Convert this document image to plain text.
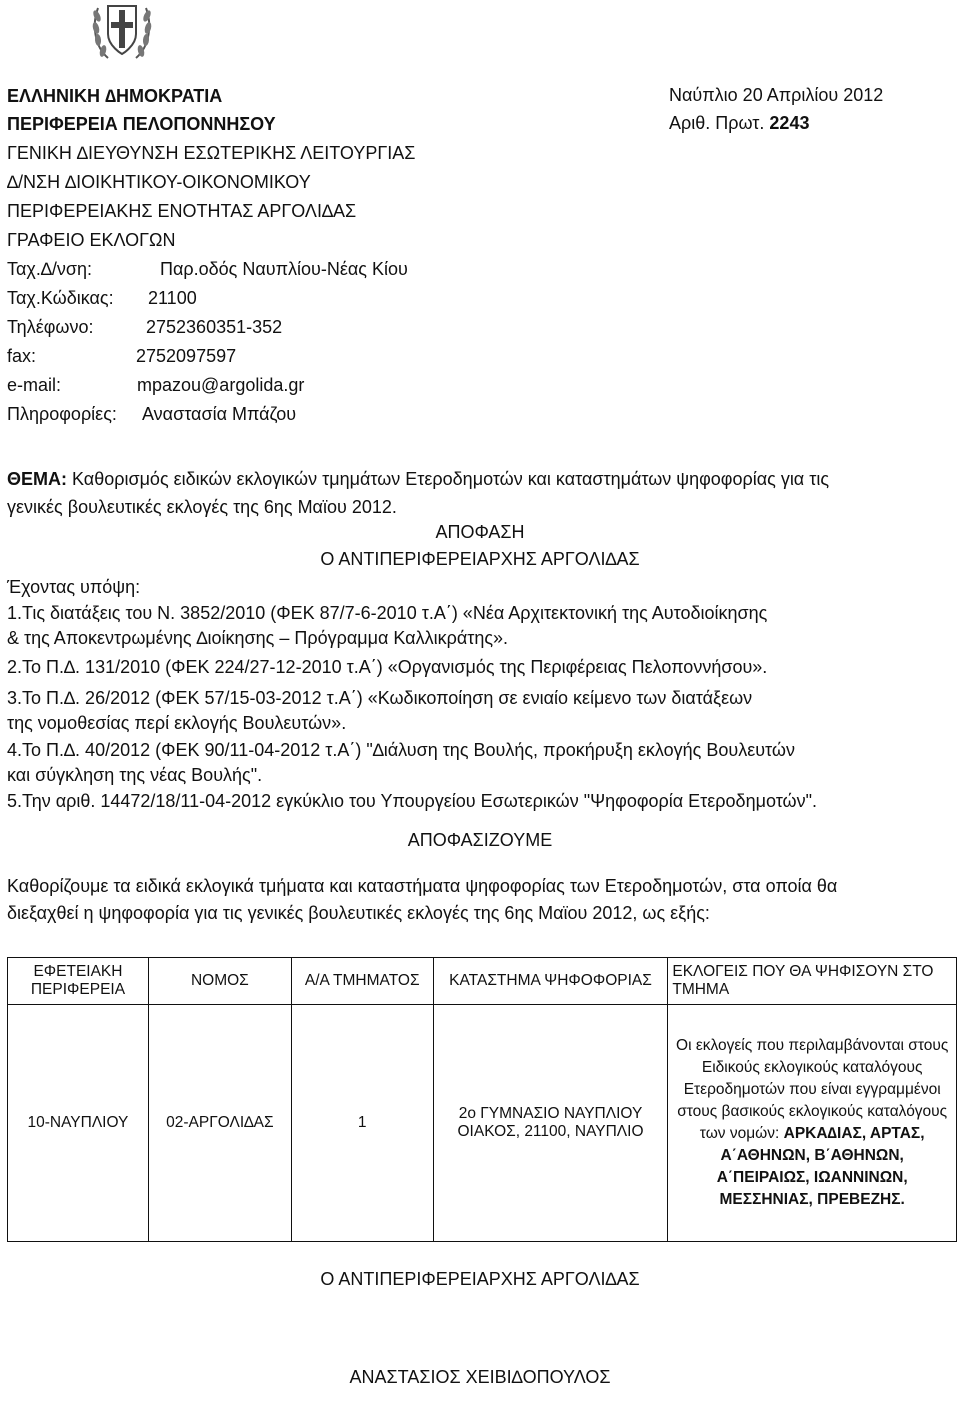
ΕΛΛΗΝΙΚΗ ∆ΗΜΟΚΡΑΤΙΑ
ΠΕΡΙΦΕΡΕΙΑ ΠΕΛΟΠΟΝΝΗΣΟΥ
ΓΕΝΙΚΗ ∆ΙΕΥΘΥΝΣΗ ΕΣΩΤΕΡΙΚΗΣ ΛΕΙΤΟΥΡΓΙΑΣ
∆/ΝΣΗ ∆ΙΟΙΚΗΤΙΚΟΥ-ΟΙΚΟΝΟΜΙΚΟΥ
ΠΕΡΙΦΕΡΕΙΑΚΗΣ ΕΝΟΤΗΤΑΣ ΑΡΓΟΛΙ∆ΑΣ
ΓΡΑΦΕΙΟ ΕΚΛΟΓΩΝ
Ταχ.∆/νση:	Παρ.οδός Ναυπλίου-Νέας Κίου
Ταχ.Κώδικας: 21100
Τηλέφωνο:	2752360351-352
fax:	2752097597
e-mail:	mpazou@argolida.gr
Πληροφορίες: Αναστασία Μπάζου
Ναύπλιο 20 Απριλίου 2012
Αριθ. Πρωτ. 2243
ΘΕΜΑ: Καθορισμός ειδικών εκλογικών τμημάτων Ετεροδημοτών και καταστημάτων ψηφοφορίας για τις
γενικές βουλευτικές εκλογές της 6ης Μαϊου 2012.
ΑΠΟΦΑΣΗ
Ο ΑΝΤΙΠΕΡΙΦΕΡΕΙΑΡΧΗΣ ΑΡΓΟΛΙ∆ΑΣ
Έχοντας υπόψη:
1.Τις διατάξεις του Ν. 3852/2010 (ΦΕΚ 87/7-6-2010 τ.Α΄) «Νέα Αρχιτεκτονική της Αυτοδιοίκησης
& της Αποκεντρωμένης ∆ιοίκησης – Πρόγραμμα Καλλικράτης».
2.Το Π.∆. 131/2010 (ΦΕΚ 224/27-12-2010 τ.Α΄) «Οργανισμός της Περιφέρειας Πελοποννήσου».
3.Το Π.∆. 26/2012 (ΦΕΚ 57/15-03-2012 τ.Α΄) «Κωδικοποίηση σε ενιαίο κείμενο των διατάξεων
της νομοθεσίας περί εκλογής Βουλευτών».
4.Το Π.∆. 40/2012 (ΦΕΚ 90/11-04-2012 τ.Α΄) "∆ιάλυση της Βουλής, προκήρυξη εκλογής Βουλευτών
και σύγκληση της νέας Βουλής".
5.Την αριθ. 14472/18/11-04-2012 εγκύκλιο του Υπουργείου Εσωτερικών "Ψηφοφορία Ετεροδημοτών".
ΑΠΟΦΑΣΙΖΟΥΜΕ
Καθορίζουμε τα ειδικά εκλογικά τμήματα και καταστήματα ψηφοφορίας των Ετεροδημοτών, στα οποία θα
διεξαχθεί η ψηφοφορία για τις γενικές βουλευτικές εκλογές της 6ης Μαϊου 2012, ως εξής:
ΕΦΕΤΕΙΑΚΗ ΠΕΡΙΦΕΡΕΙΑ	ΝΟΜΟΣ	Α/Α ΤΜΗΜΑΤΟΣ	ΚΑΤΑΣΤΗΜΑ ΨΗΦΟΦΟΡΙΑΣ	ΕΚΛΟΓΕΙΣ ΠΟΥ ΘΑ ΨΗΦΙΣΟΥΝ ΣΤΟ ΤΜΗΜΑ
10-ΝΑΥΠΛΙΟΥ	02-ΑΡΓΟΛΙ∆ΑΣ	1	2ο ΓΥΜΝΑΣΙΟ ΝΑΥΠΛΙΟΥ
ΟΙΑΚΟΣ, 21100, ΝΑΥΠΛΙΟ	Οι εκλογείς που περιλαμβάνονται στους Ειδικούς εκλογικούς καταλόγους Ετεροδημοτών που είναι εγγραμμένοι στους βασικούς εκλογικούς καταλόγους των νομών: ΑΡΚΑ∆ΙΑΣ, ΑΡΤΑΣ, Α΄ΑΘΗΝΩΝ, Β΄ΑΘΗΝΩΝ, Α΄ΠΕΙΡΑΙΩΣ, ΙΩΑΝΝΙΝΩΝ, ΜΕΣΣΗΝΙΑΣ, ΠΡΕΒΕΖΗΣ.
Ο ΑΝΤΙΠΕΡΙΦΕΡΕΙΑΡΧΗΣ ΑΡΓΟΛΙ∆ΑΣ
ΑΝΑΣΤΑΣΙΟΣ ΧΕΙΒΙ∆ΟΠΟΥΛΟΣ
